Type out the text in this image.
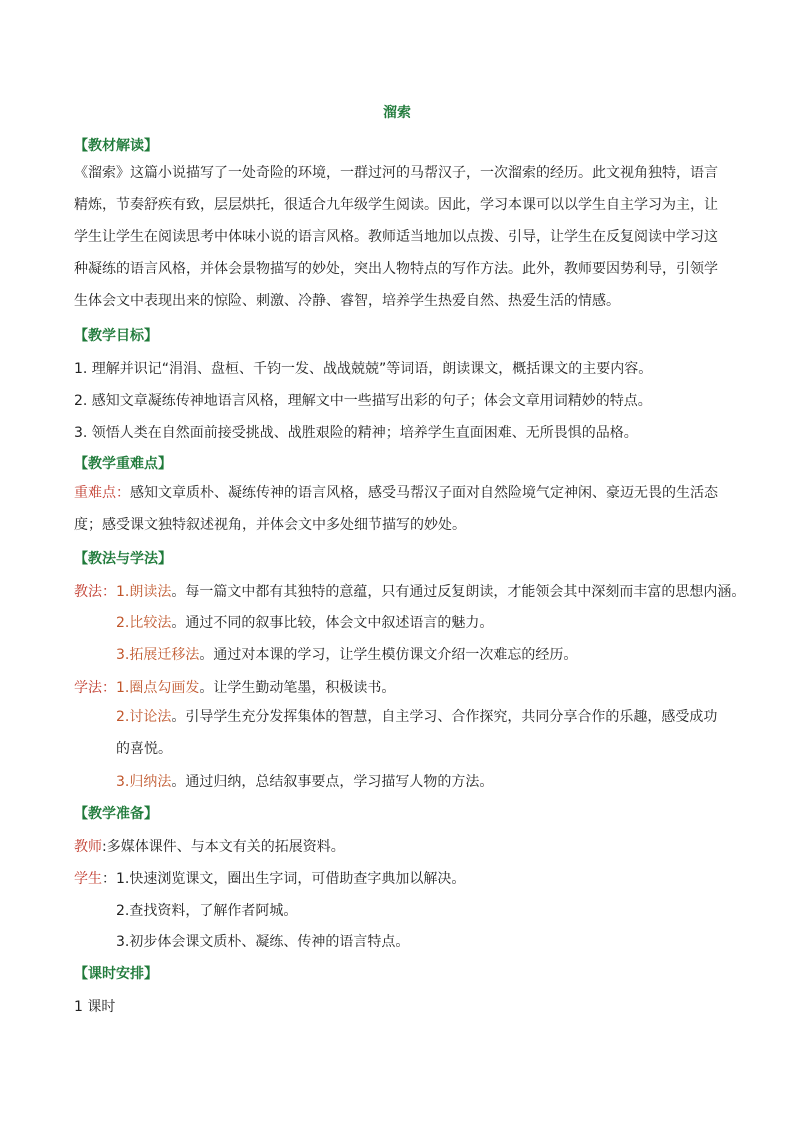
溜索
【教材解读】
《溜索》这篇小说描写了一处奇险的环境，一群过河的马帮汉子，一次溜索的经历。此文视角独特，语言精炼，节奏舒疾有致，层层烘托，很适合九年级学生阅读。因此，学习本课可以以学生自主学习为主，让学生让学生在阅读思考中体味小说的语言风格。教师适当地加以点拨、引导，让学生在反复阅读中学习这种凝练的语言风格，并体会景物描写的妙处，突出人物特点的写作方法。此外，教师要因势利导，引领学生体会文中表现出来的惊险、刺激、冷静、睿智，培养学生热爱自然、热爱生活的情感。
【教学目标】
1. 理解并识记“涓涓、盘桓、千钧一发、战战兢兢”等词语，朗读课文，概括课文的主要内容。
2. 感知文章凝练传神地语言风格，理解文中一些描写出彩的句子；体会文章用词精妙的特点。
3. 领悟人类在自然面前接受挑战、战胜艰险的精神；培养学生直面困难、无所畏惧的品格。
【教学重难点】
重难点：感知文章质朴、凝练传神的语言风格，感受马帮汉子面对自然险境气定神闲、豪迈无畏的生活态度；感受课文独特叙述视角，并体会文中多处细节描写的妙处。
【教法与学法】
教法：1.朗读法。每一篇文中都有其独特的意蕴，只有通过反复朗读，才能领会其中深刻而丰富的思想内涵。
2.比较法。通过不同的叙事比较，体会文中叙述语言的魅力。
3.拓展迁移法。通过对本课的学习，让学生模仿课文介绍一次难忘的经历。
学法：1.圈点勾画发。让学生勤动笔墨，积极读书。
2.讨论法。引导学生充分发挥集体的智慧，自主学习、合作探究，共同分享合作的乐趣，感受成功的喜悦。
3.归纳法。通过归纳，总结叙事要点，学习描写人物的方法。
【教学准备】
教师:多媒体课件、与本文有关的拓展资料。
学生：1.快速浏览课文，圈出生字词，可借助查字典加以解决。
2.查找资料，了解作者阿城。
3.初步体会课文质朴、凝练、传神的语言特点。
【课时安排】
1 课时
